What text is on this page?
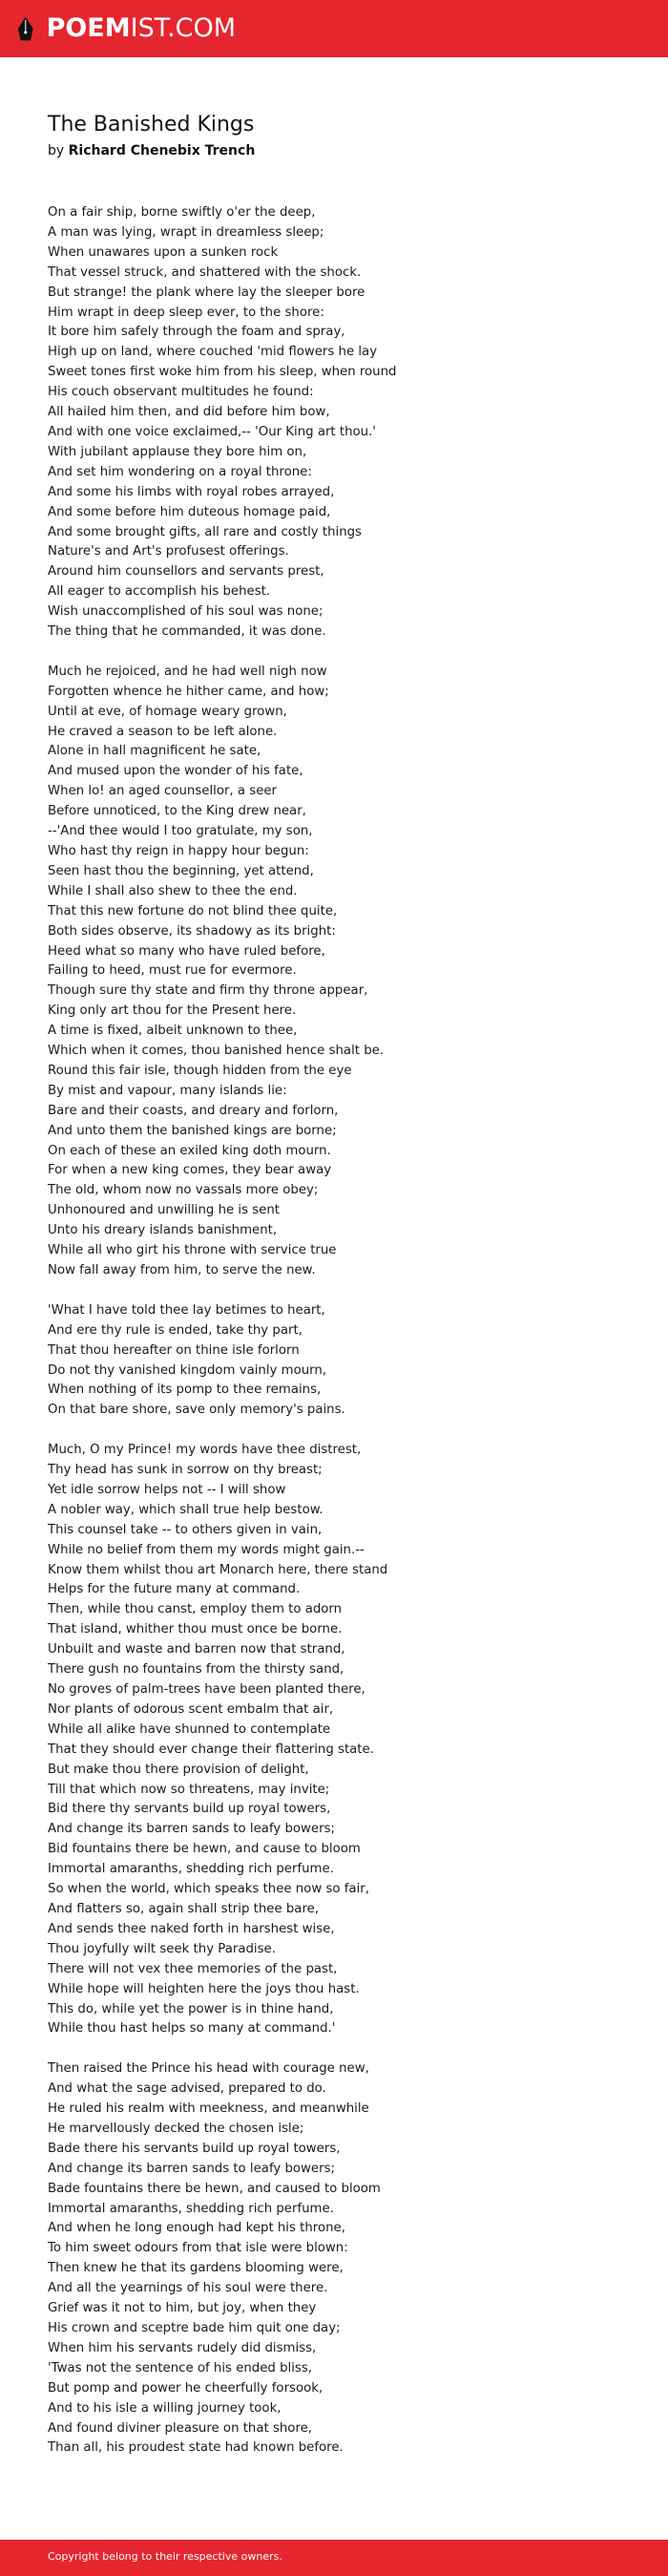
POEMIST.COM
The Banished Kings
by Richard Chenebix Trench
On a fair ship, borne swiftly o'er the deep,
A man was lying, wrapt in dreamless sleep;
When unawares upon a sunken rock
That vessel struck, and shattered with the shock.
But strange! the plank where lay the sleeper bore
Him wrapt in deep sleep ever, to the shore:
It bore him safely through the foam and spray,
High up on land, where couched 'mid flowers he lay
Sweet tones first woke him from his sleep, when round
His couch observant multitudes he found:
All hailed him then, and did before him bow,
And with one voice exclaimed,-- 'Our King art thou.'
With jubilant applause they bore him on,
And set him wondering on a royal throne:
And some his limbs with royal robes arrayed,
And some before him duteous homage paid,
And some brought gifts, all rare and costly things
Nature's and Art's profusest offerings.
Around him counsellors and servants prest,
All eager to accomplish his behest.
Wish unaccomplished of his soul was none;
The thing that he commanded, it was done.
Much he rejoiced, and he had well nigh now
Forgotten whence he hither came, and how;
Until at eve, of homage weary grown,
He craved a season to be left alone.
Alone in hall magnificent he sate,
And mused upon the wonder of his fate,
When lo! an aged counsellor, a seer
Before unnoticed, to the King drew near,
--'And thee would I too gratulate, my son,
Who hast thy reign in happy hour begun:
Seen hast thou the beginning, yet attend,
While I shall also shew to thee the end.
That this new fortune do not blind thee quite,
Both sides observe, its shadowy as its bright:
Heed what so many who have ruled before,
Failing to heed, must rue for evermore.
Though sure thy state and firm thy throne appear,
King only art thou for the Present here.
A time is fixed, albeit unknown to thee,
Which when it comes, thou banished hence shalt be.
Round this fair isle, though hidden from the eye
By mist and vapour, many islands lie:
Bare and their coasts, and dreary and forlorn,
And unto them the banished kings are borne;
On each of these an exiled king doth mourn.
For when a new king comes, they bear away
The old, whom now no vassals more obey;
Unhonoured and unwilling he is sent
Unto his dreary islands banishment,
While all who girt his throne with service true
Now fall away from him, to serve the new.
'What I have told thee lay betimes to heart,
And ere thy rule is ended, take thy part,
That thou hereafter on thine isle forlorn
Do not thy vanished kingdom vainly mourn,
When nothing of its pomp to thee remains,
On that bare shore, save only memory's pains.
Much, O my Prince! my words have thee distrest,
Thy head has sunk in sorrow on thy breast;
Yet idle sorrow helps not -- I will show
A nobler way, which shall true help bestow.
This counsel take -- to others given in vain,
While no belief from them my words might gain.--
Know them whilst thou art Monarch here, there stand
Helps for the future many at command.
Then, while thou canst, employ them to adorn
That island, whither thou must once be borne.
Unbuilt and waste and barren now that strand,
There gush no fountains from the thirsty sand,
No groves of palm-trees have been planted there,
Nor plants of odorous scent embalm that air,
While all alike have shunned to contemplate
That they should ever change their flattering state.
But make thou there provision of delight,
Till that which now so threatens, may invite;
Bid there thy servants build up royal towers,
And change its barren sands to leafy bowers;
Bid fountains there be hewn, and cause to bloom
Immortal amaranths, shedding rich perfume.
So when the world, which speaks thee now so fair,
And flatters so, again shall strip thee bare,
And sends thee naked forth in harshest wise,
Thou joyfully wilt seek thy Paradise.
There will not vex thee memories of the past,
While hope will heighten here the joys thou hast.
This do, while yet the power is in thine hand,
While thou hast helps so many at command.'
Then raised the Prince his head with courage new,
And what the sage advised, prepared to do.
He ruled his realm with meekness, and meanwhile
He marvellously decked the chosen isle;
Bade there his servants build up royal towers,
And change its barren sands to leafy bowers;
Bade fountains there be hewn, and caused to bloom
Immortal amaranths, shedding rich perfume.
And when he long enough had kept his throne,
To him sweet odours from that isle were blown:
Then knew he that its gardens blooming were,
And all the yearnings of his soul were there.
Grief was it not to him, but joy, when they
His crown and sceptre bade him quit one day;
When him his servants rudely did dismiss,
'Twas not the sentence of his ended bliss,
But pomp and power he cheerfully forsook,
And to his isle a willing journey took,
And found diviner pleasure on that shore,
Than all, his proudest state had known before.
Copyright belong to their respective owners.
